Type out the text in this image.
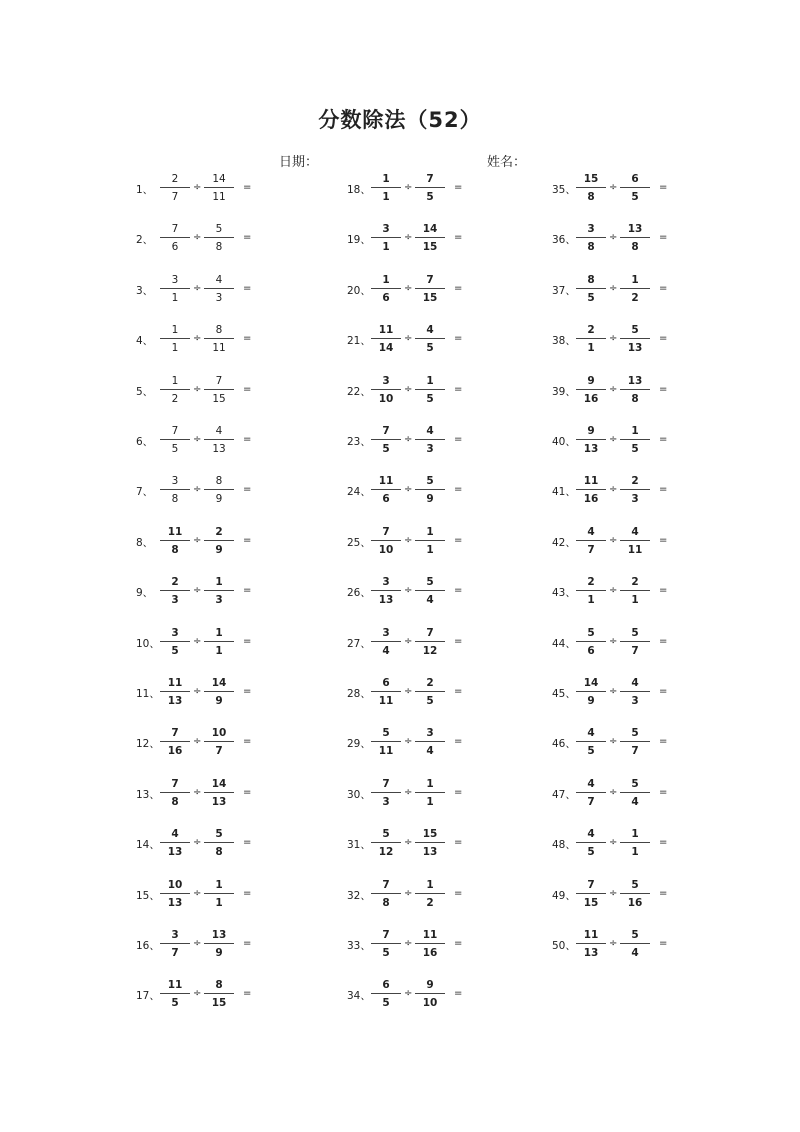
分数除法（52）
日期：	姓名：
1、
2
7
÷
14
11
=
2、
7
6
÷
5
8
=
3、
3
1
÷
4
3
=
4、
1
1
÷
8
11
=
5、
1
2
÷
7
15
=
6、
7
5
÷
4
13
=
7、
3
8
÷
8
9
=
8、
11
8
÷
2
9
=
9、
2
3
÷
1
3
=
10、
3
5
÷
1
1
=
11、
11
13
÷
14
9
=
12、
7
16
÷
10
7
=
13、
7
8
÷
14
13
=
14、
4
13
÷
5
8
=
15、
10
13
÷
1
1
=
16、
3
7
÷
13
9
=
17、
11
5
÷
8
15
=
18、
1
1
÷
7
5
=
19、
3
1
÷
14
15
=
20、
1
6
÷
7
15
=
21、
11
14
÷
4
5
=
22、
3
10
÷
1
5
=
23、
7
5
÷
4
3
=
24、
11
6
÷
5
9
=
25、
7
10
÷
1
1
=
26、
3
13
÷
5
4
=
27、
3
4
÷
7
12
=
28、
6
11
÷
2
5
=
29、
5
11
÷
3
4
=
30、
7
3
÷
1
1
=
31、
5
12
÷
15
13
=
32、
7
8
÷
1
2
=
33、
7
5
÷
11
16
=
34、
6
5
÷
9
10
=
35、
15
8
÷
6
5
=
36、
3
8
÷
13
8
=
37、
8
5
÷
1
2
=
38、
2
1
÷
5
13
=
39、
9
16
÷
13
8
=
40、
9
13
÷
1
5
=
41、
11
16
÷
2
3
=
42、
4
7
÷
4
11
=
43、
2
1
÷
2
1
=
44、
5
6
÷
5
7
=
45、
14
9
÷
4
3
=
46、
4
5
÷
5
7
=
47、
4
7
÷
5
4
=
48、
4
5
÷
1
1
=
49、
7
15
÷
5
16
=
50、
11
13
÷
5
4
=
